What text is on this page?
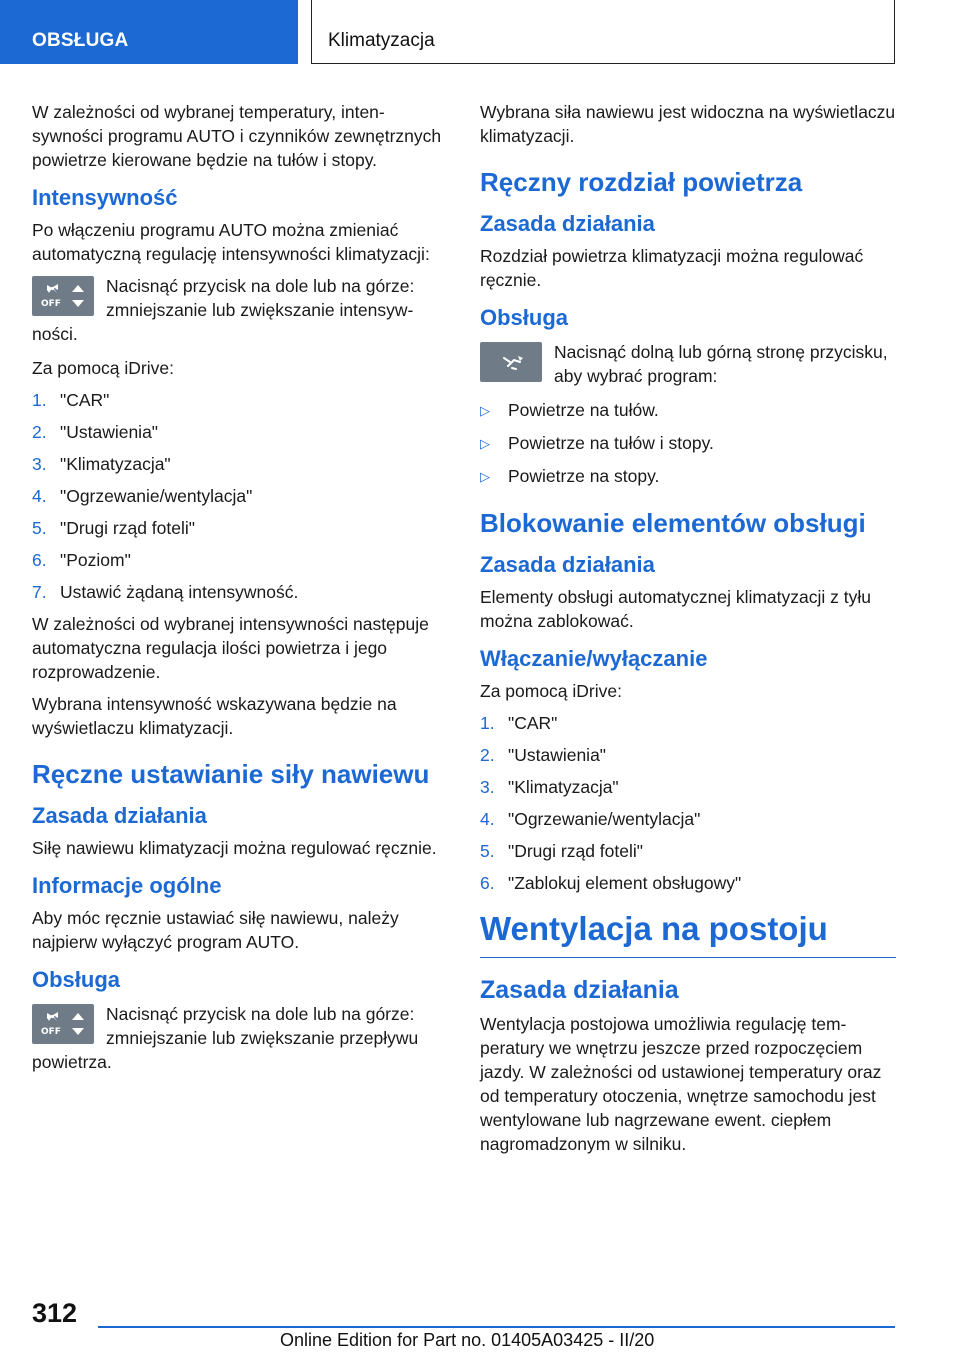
OBSŁUGA	Klimatyzacja

W zależności od wybranej temperatury, intensywności programu AUTO i czynników zewnętrznych powietrze kierowane będzie na tułów i stopy.

Intensywność

Po włączeniu programu AUTO można zmieniać automatyczną regulację intensywności klimatyzacji:

OFF
Nacisnąć przycisk na dole lub na górze: zmniejszanie lub zwiększanie intensyw-

ności.

Za pomocą iDrive:

1. "CAR"
2. "Ustawienia"
3. "Klimatyzacja"
4. "Ogrzewanie/wentylacja"
5. "Drugi rząd foteli"
6. "Poziom"
7. Ustawić żądaną intensywność.

W zależności od wybranej intensywności następuje automatyczna regulacja ilości powietrza i jego rozprowadzenie.

Wybrana intensywność wskazywana będzie na wyświetlaczu klimatyzacji.

Ręczne ustawianie siły nawiewu
Zasada działania

Siłę nawiewu klimatyzacji można regulować ręcznie.

Informacje ogólne

Aby móc ręcznie ustawiać siłę nawiewu, należy najpierw wyłączyć program AUTO.

Obsługa
OFF
Nacisnąć przycisk na dole lub na górze: zmniejszanie lub zwiększanie przepływu

powietrza.

Wybrana siła nawiewu jest widoczna na wyświetlaczu klimatyzacji.

Ręczny rozdział powietrza
Zasada działania

Rozdział powietrza klimatyzacji można regulować ręcznie.

Obsługa
Nacisnąć dolną lub górną stronę przycisku, aby wybrać program:
▷	Powietrze na tułów.
▷	Powietrze na tułów i stopy.
▷	Powietrze na stopy.
Blokowanie elementów obsługi
Zasada działania

Elementy obsługi automatycznej klimatyzacji z tyłu można zablokować.

Włączanie/wyłączanie

Za pomocą iDrive:

1. "CAR"
2. "Ustawienia"
3. "Klimatyzacja"
4. "Ogrzewanie/wentylacja"
5. "Drugi rząd foteli"
6. "Zablokuj element obsługowy"
Wentylacja na postoju
Zasada działania

Wentylacja postojowa umożliwia regulację temperatury we wnętrzu jeszcze przed rozpoczęciem jazdy. W zależności od ustawionej temperatury oraz od temperatury otoczenia, wnętrze samochodu jest wentylowane lub nagrzewane ewent. ciepłem nagromadzonym w silniku.

312
Online Edition for Part no. 01405A03425 - II/20
